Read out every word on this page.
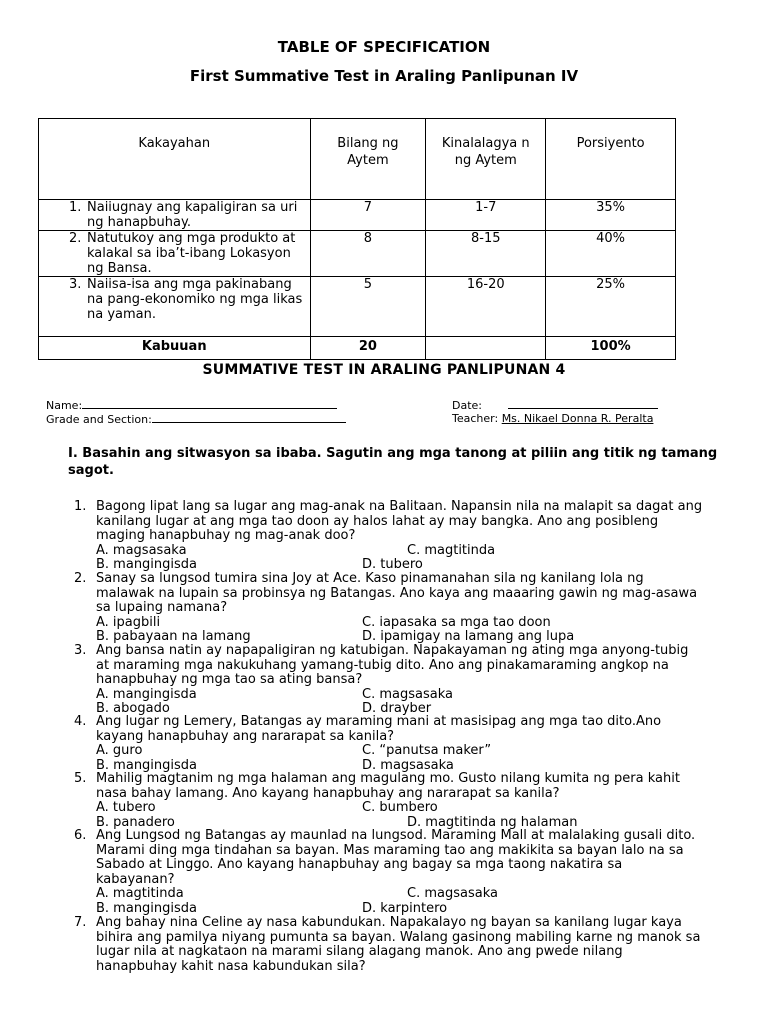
TABLE OF SPECIFICATION
First Summative Test in Araling Panlipunan IV
Kakayahan	Bilang ng Aytem	Kinalalagya n ng Aytem	Porsiyento

1. Naiiugnay ang kapaligiran sa uri ng hanapbuhay.	7	1-7	35%

2. Natutukoy ang mga produkto at kalakal sa iba’t-ibang Lokasyon ng Bansa.	8	8-15	40%

3. Naiisa-isa ang mga pakinabang na pang-ekonomiko ng mga likas na yaman.	5	16-20	25%
Kabuuan	20		100%
SUMMATIVE TEST IN ARALING PANLIPUNAN 4
Name:
Grade and Section:
Date:
Teacher: Ms. Nikael Donna R. Peralta
I. Basahin ang sitwasyon sa ibaba. Sagutin ang mga tanong at piliin ang titik ng tamang sagot.
1. Bagong lipat lang sa lugar ang mag-anak na Balitaan. Napansin nila na malapit sa dagat ang kanilang lugar at ang mga tao doon ay halos lahat ay may bangka. Ano ang posibleng maging hanapbuhay ng mag-anak doo?
A. magsasaka	C. magtitinda
B. mangingisda	D. tubero
2. Sanay sa lungsod tumira sina Joy at Ace. Kaso pinamanahan sila ng kanilang lola ng malawak na lupain sa probinsya ng Batangas. Ano kaya ang maaaring gawin ng mag-asawa sa lupaing namana?
A. ipagbili	C. iapasaka sa mga tao doon
B. pabayaan na lamang	D. ipamigay na lamang ang lupa
3. Ang bansa natin ay napapaligiran ng katubigan. Napakayaman ng ating mga anyong-tubig at maraming mga nakukuhang yamang-tubig dito. Ano ang pinakamaraming angkop na hanapbuhay ng mga tao sa ating bansa?
A. mangingisda	C. magsasaka
B. abogado	D. drayber
4. Ang lugar ng Lemery, Batangas ay maraming mani at masisipag ang mga tao dito.Ano kayang hanapbuhay ang nararapat sa kanila?
A. guro	C. “panutsa maker”
B. mangingisda	D. magsasaka
5. Mahilig magtanim ng mga halaman ang magulang mo. Gusto nilang kumita ng pera kahit nasa bahay lamang. Ano kayang hanapbuhay ang nararapat sa kanila?
A. tubero	C. bumbero
B. panadero	D. magtitinda ng halaman
6. Ang Lungsod ng Batangas ay maunlad na lungsod. Maraming Mall at malalaking gusali dito. Marami ding mga tindahan sa bayan. Mas maraming tao ang makikita sa bayan lalo na sa Sabado at Linggo. Ano kayang hanapbuhay ang bagay sa mga taong nakatira sa kabayanan?
A. magtitinda	C. magsasaka
B. mangingisda	D. karpintero
7. Ang bahay nina Celine ay nasa kabundukan. Napakalayo ng bayan sa kanilang lugar kaya bihira ang pamilya niyang pumunta sa bayan. Walang gasinong mabiling karne ng manok sa lugar nila at nagkataon na marami silang alagang manok. Ano ang pwede nilang hanapbuhay kahit nasa kabundukan sila?
